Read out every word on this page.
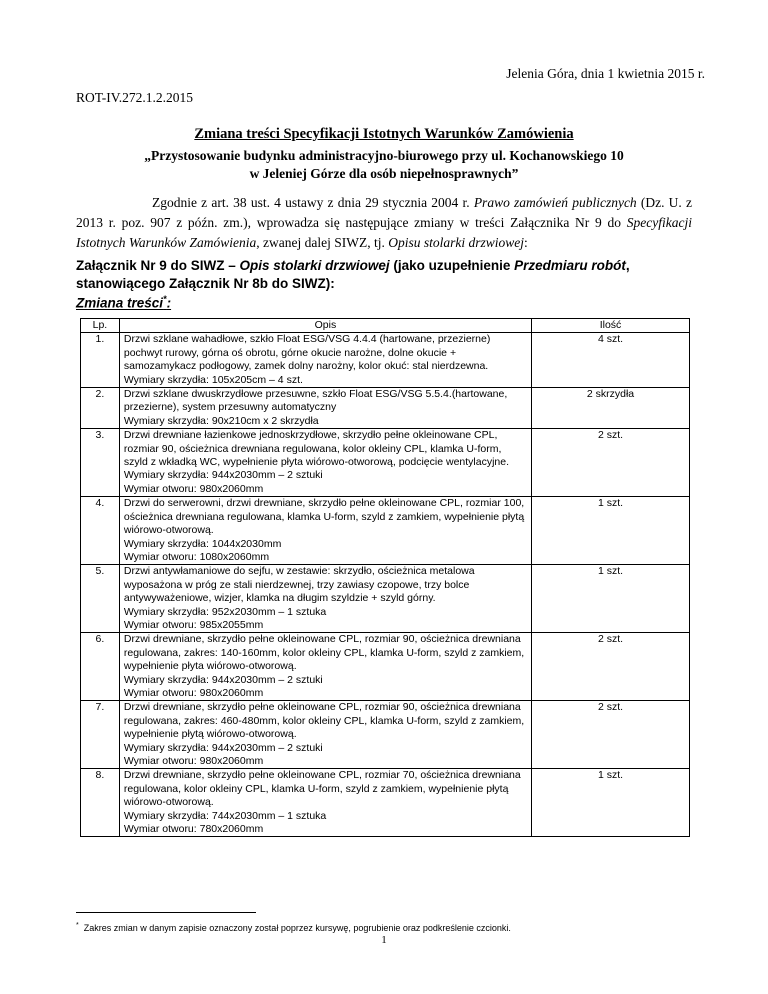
Jelenia Góra, dnia 1 kwietnia 2015 r.
ROT-IV.272.1.2.2015
Zmiana treści Specyfikacji Istotnych Warunków Zamówienia
„Przystosowanie budynku administracyjno-biurowego przy ul. Kochanowskiego 10
w Jeleniej Górze dla osób niepełnosprawnych”
Zgodnie z art. 38 ust. 4 ustawy z dnia 29 stycznia 2004 r. Prawo zamówień publicznych (Dz. U. z 2013 r. poz. 907 z późn. zm.), wprowadza się następujące zmiany w treści Załącznika Nr 9 do Specyfikacji Istotnych Warunków Zamówienia, zwanej dalej SIWZ, tj. Opisu stolarki drzwiowej:
Załącznik Nr 9 do SIWZ – Opis stolarki drzwiowej (jako uzupełnienie Przedmiaru robót, stanowiącego Załącznik Nr 8b do SIWZ):
Zmiana treści*:
Lp.	Opis	Ilość
1.	Drzwi szklane wahadłowe, szkło Float ESG/VSG 4.4.4 (hartowane, przezierne) pochwyt rurowy, górna oś obrotu, górne okucie narożne, dolne okucie + samozamykacz podłogowy, zamek dolny narożny, kolor okuć: stal nierdzewna.
Wymiary skrzydła: 105x205cm – 4 szt.	4 szt.
2.	Drzwi szklane dwuskrzydłowe przesuwne, szkło Float ESG/VSG 5.5.4.(hartowane, przezierne), system przesuwny automatyczny
Wymiary skrzydła: 90x210cm x 2 skrzydła	2 skrzydła
3.	Drzwi drewniane łazienkowe jednoskrzydłowe, skrzydło pełne okleinowane CPL, rozmiar 90, ościeżnica drewniana regulowana, kolor okleiny CPL, klamka U-form, szyld z wkładką WC, wypełnienie płyta wiórowo-otworową, podcięcie wentylacyjne.
Wymiary skrzydła: 944x2030mm – 2 sztuki
Wymiar otworu: 980x2060mm	2 szt.
4.	Drzwi do serwerowni, drzwi drewniane, skrzydło pełne okleinowane CPL, rozmiar 100, ościeżnica drewniana regulowana, klamka U-form, szyld z zamkiem, wypełnienie płytą wiórowo-otworową.
Wymiary skrzydła: 1044x2030mm
Wymiar otworu: 1080x2060mm	1 szt.
5.	Drzwi antywłamaniowe do sejfu, w zestawie: skrzydło, ościeżnica metalowa wyposażona w próg ze stali nierdzewnej, trzy zawiasy czopowe, trzy bolce antywyważeniowe, wizjer, klamka na długim szyldzie + szyld górny.
Wymiary skrzydła: 952x2030mm – 1 sztuka
Wymiar otworu: 985x2055mm	1 szt.
6.	Drzwi drewniane, skrzydło pełne okleinowane CPL, rozmiar 90, ościeżnica drewniana regulowana, zakres: 140-160mm, kolor okleiny CPL, klamka U-form, szyld z zamkiem, wypełnienie płyta wiórowo-otworową.
Wymiary skrzydła: 944x2030mm – 2 sztuki
Wymiar otworu: 980x2060mm	2 szt.
7.	Drzwi drewniane, skrzydło pełne okleinowane CPL, rozmiar 90, ościeżnica drewniana regulowana, zakres: 460-480mm, kolor okleiny CPL, klamka U-form, szyld z zamkiem, wypełnienie płytą wiórowo-otworową.
Wymiary skrzydła: 944x2030mm – 2 sztuki
Wymiar otworu: 980x2060mm	2 szt.
8.	Drzwi drewniane, skrzydło pełne okleinowane CPL, rozmiar 70, ościeżnica drewniana regulowana, kolor okleiny CPL, klamka U-form, szyld z zamkiem, wypełnienie płytą wiórowo-otworową.
Wymiary skrzydła: 744x2030mm – 1 sztuka
Wymiar otworu: 780x2060mm	1 szt.
* Zakres zmian w danym zapisie oznaczony został poprzez kursywę, pogrubienie oraz podkreślenie czcionki.
1
